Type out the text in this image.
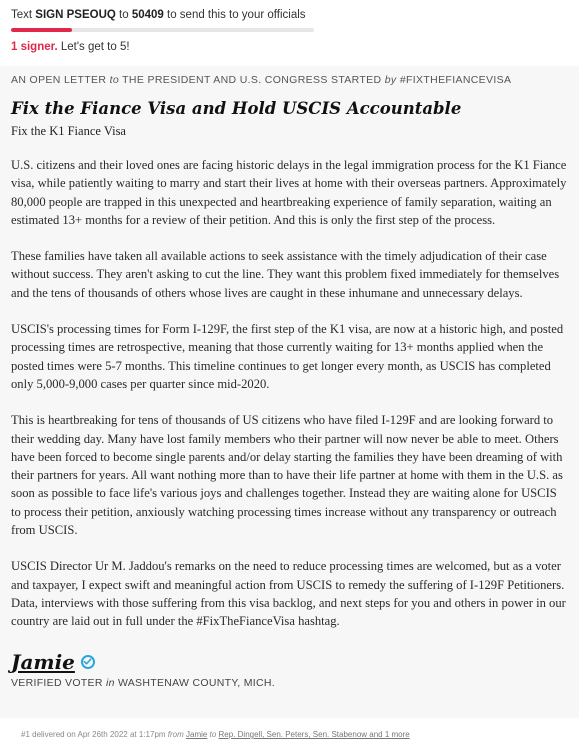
Text SIGN PSEOUQ to 50409 to send this to your officials
1 signer. Let's get to 5!
AN OPEN LETTER to THE PRESIDENT AND U.S. CONGRESS STARTED by #FIXTHEFIANCEVISA
Fix the Fiance Visa and Hold USCIS Accountable
Fix the K1 Fiance Visa

U.S. citizens and their loved ones are facing historic delays in the legal immigration process for the K1 Fiance visa, while patiently waiting to marry and start their lives at home with their overseas partners. Approximately 80,000 people are trapped in this unexpected and heartbreaking experience of family separation, waiting an estimated 13+ months for a review of their petition. And this is only the first step of the process.

These families have taken all available actions to seek assistance with the timely adjudication of their case without success. They aren't asking to cut the line. They want this problem fixed immediately for themselves and the tens of thousands of others whose lives are caught in these inhumane and unnecessary delays.

USCIS's processing times for Form I-129F, the first step of the K1 visa, are now at a historic high, and posted processing times are retrospective, meaning that those currently waiting for 13+ months applied when the posted times were 5-7 months. This timeline continues to get longer every month, as USCIS has completed only 5,000-9,000 cases per quarter since mid-2020.

This is heartbreaking for tens of thousands of US citizens who have filed I-129F and are looking forward to their wedding day. Many have lost family members who their partner will now never be able to meet. Others have been forced to become single parents and/or delay starting the families they have been dreaming of with their partners for years. All want nothing more than to have their life partner at home with them in the U.S. as soon as possible to face life's various joys and challenges together. Instead they are waiting alone for USCIS to process their petition, anxiously watching processing times increase without any transparency or outreach from USCIS.

USCIS Director Ur M. Jaddou's remarks on the need to reduce processing times are welcomed, but as a voter and taxpayer, I expect swift and meaningful action from USCIS to remedy the suffering of I-129F Petitioners. Data, interviews with those suffering from this visa backlog, and next steps for you and others in power in our country are laid out in full under the #FixTheFianceVisa hashtag.

Jamie
VERIFIED VOTER in WASHTENAW COUNTY, MICH.
#1 delivered on Apr 26th 2022 at 1:17pm from Jamie to Rep. Dingell, Sen. Peters, Sen. Stabenow and 1 more
